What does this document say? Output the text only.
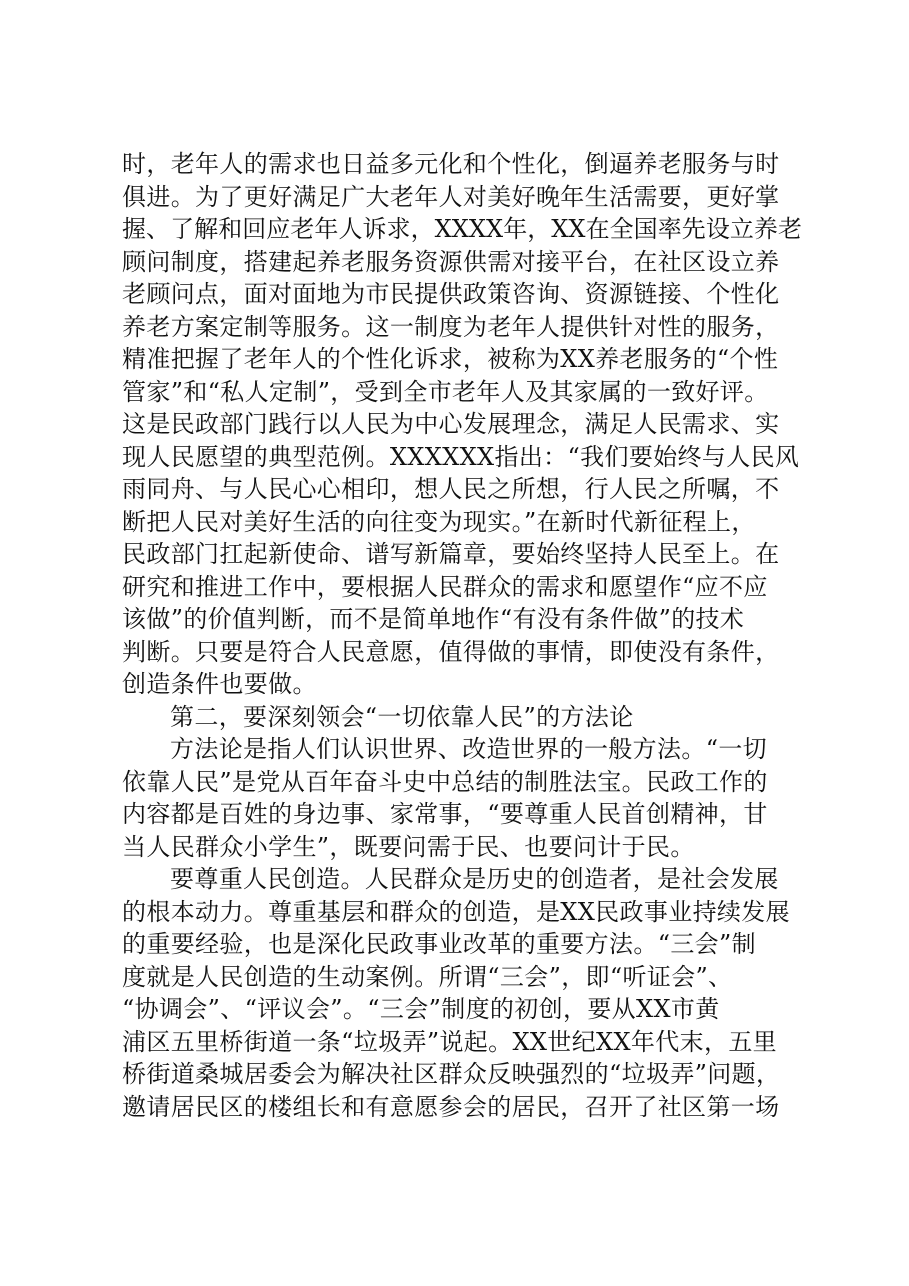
时，老年人的需求也日益多元化和个性化，倒逼养老服务与时
俱进。为了更好满足广大老年人对美好晚年生活需要，更好掌
握、了解和回应老年人诉求，XXXX年，XX在全国率先设立养老
顾问制度，搭建起养老服务资源供需对接平台，在社区设立养
老顾问点，面对面地为市民提供政策咨询、资源链接、个性化
养老方案定制等服务。这一制度为老年人提供针对性的服务，
精准把握了老年人的个性化诉求，被称为XX养老服务的“个性
管家”和“私人定制”，受到全市老年人及其家属的一致好评。
这是民政部门践行以人民为中心发展理念，满足人民需求、实
现人民愿望的典型范例。XXXXXX指出：“我们要始终与人民风
雨同舟、与人民心心相印，想人民之所想，行人民之所嘱，不
断把人民对美好生活的向往变为现实。”在新时代新征程上，
民政部门扛起新使命、谱写新篇章，要始终坚持人民至上。在
研究和推进工作中，要根据人民群众的需求和愿望作“应不应
该做”的价值判断，而不是简单地作“有没有条件做”的技术
判断。只要是符合人民意愿，值得做的事情，即使没有条件，
创造条件也要做。
第二，要深刻领会“一切依靠人民”的方法论
方法论是指人们认识世界、改造世界的一般方法。“一切
依靠人民”是党从百年奋斗史中总结的制胜法宝。民政工作的
内容都是百姓的身边事、家常事，“要尊重人民首创精神，甘
当人民群众小学生”，既要问需于民、也要问计于民。
要尊重人民创造。人民群众是历史的创造者，是社会发展
的根本动力。尊重基层和群众的创造，是XX民政事业持续发展
的重要经验，也是深化民政事业改革的重要方法。“三会”制
度就是人民创造的生动案例。所谓“三会”，即“听证会”、
“协调会”、“评议会”。“三会”制度的初创，要从XX市黄
浦区五里桥街道一条“垃圾弄”说起。XX世纪XX年代末，五里
桥街道桑城居委会为解决社区群众反映强烈的“垃圾弄”问题，
邀请居民区的楼组长和有意愿参会的居民，召开了社区第一场
